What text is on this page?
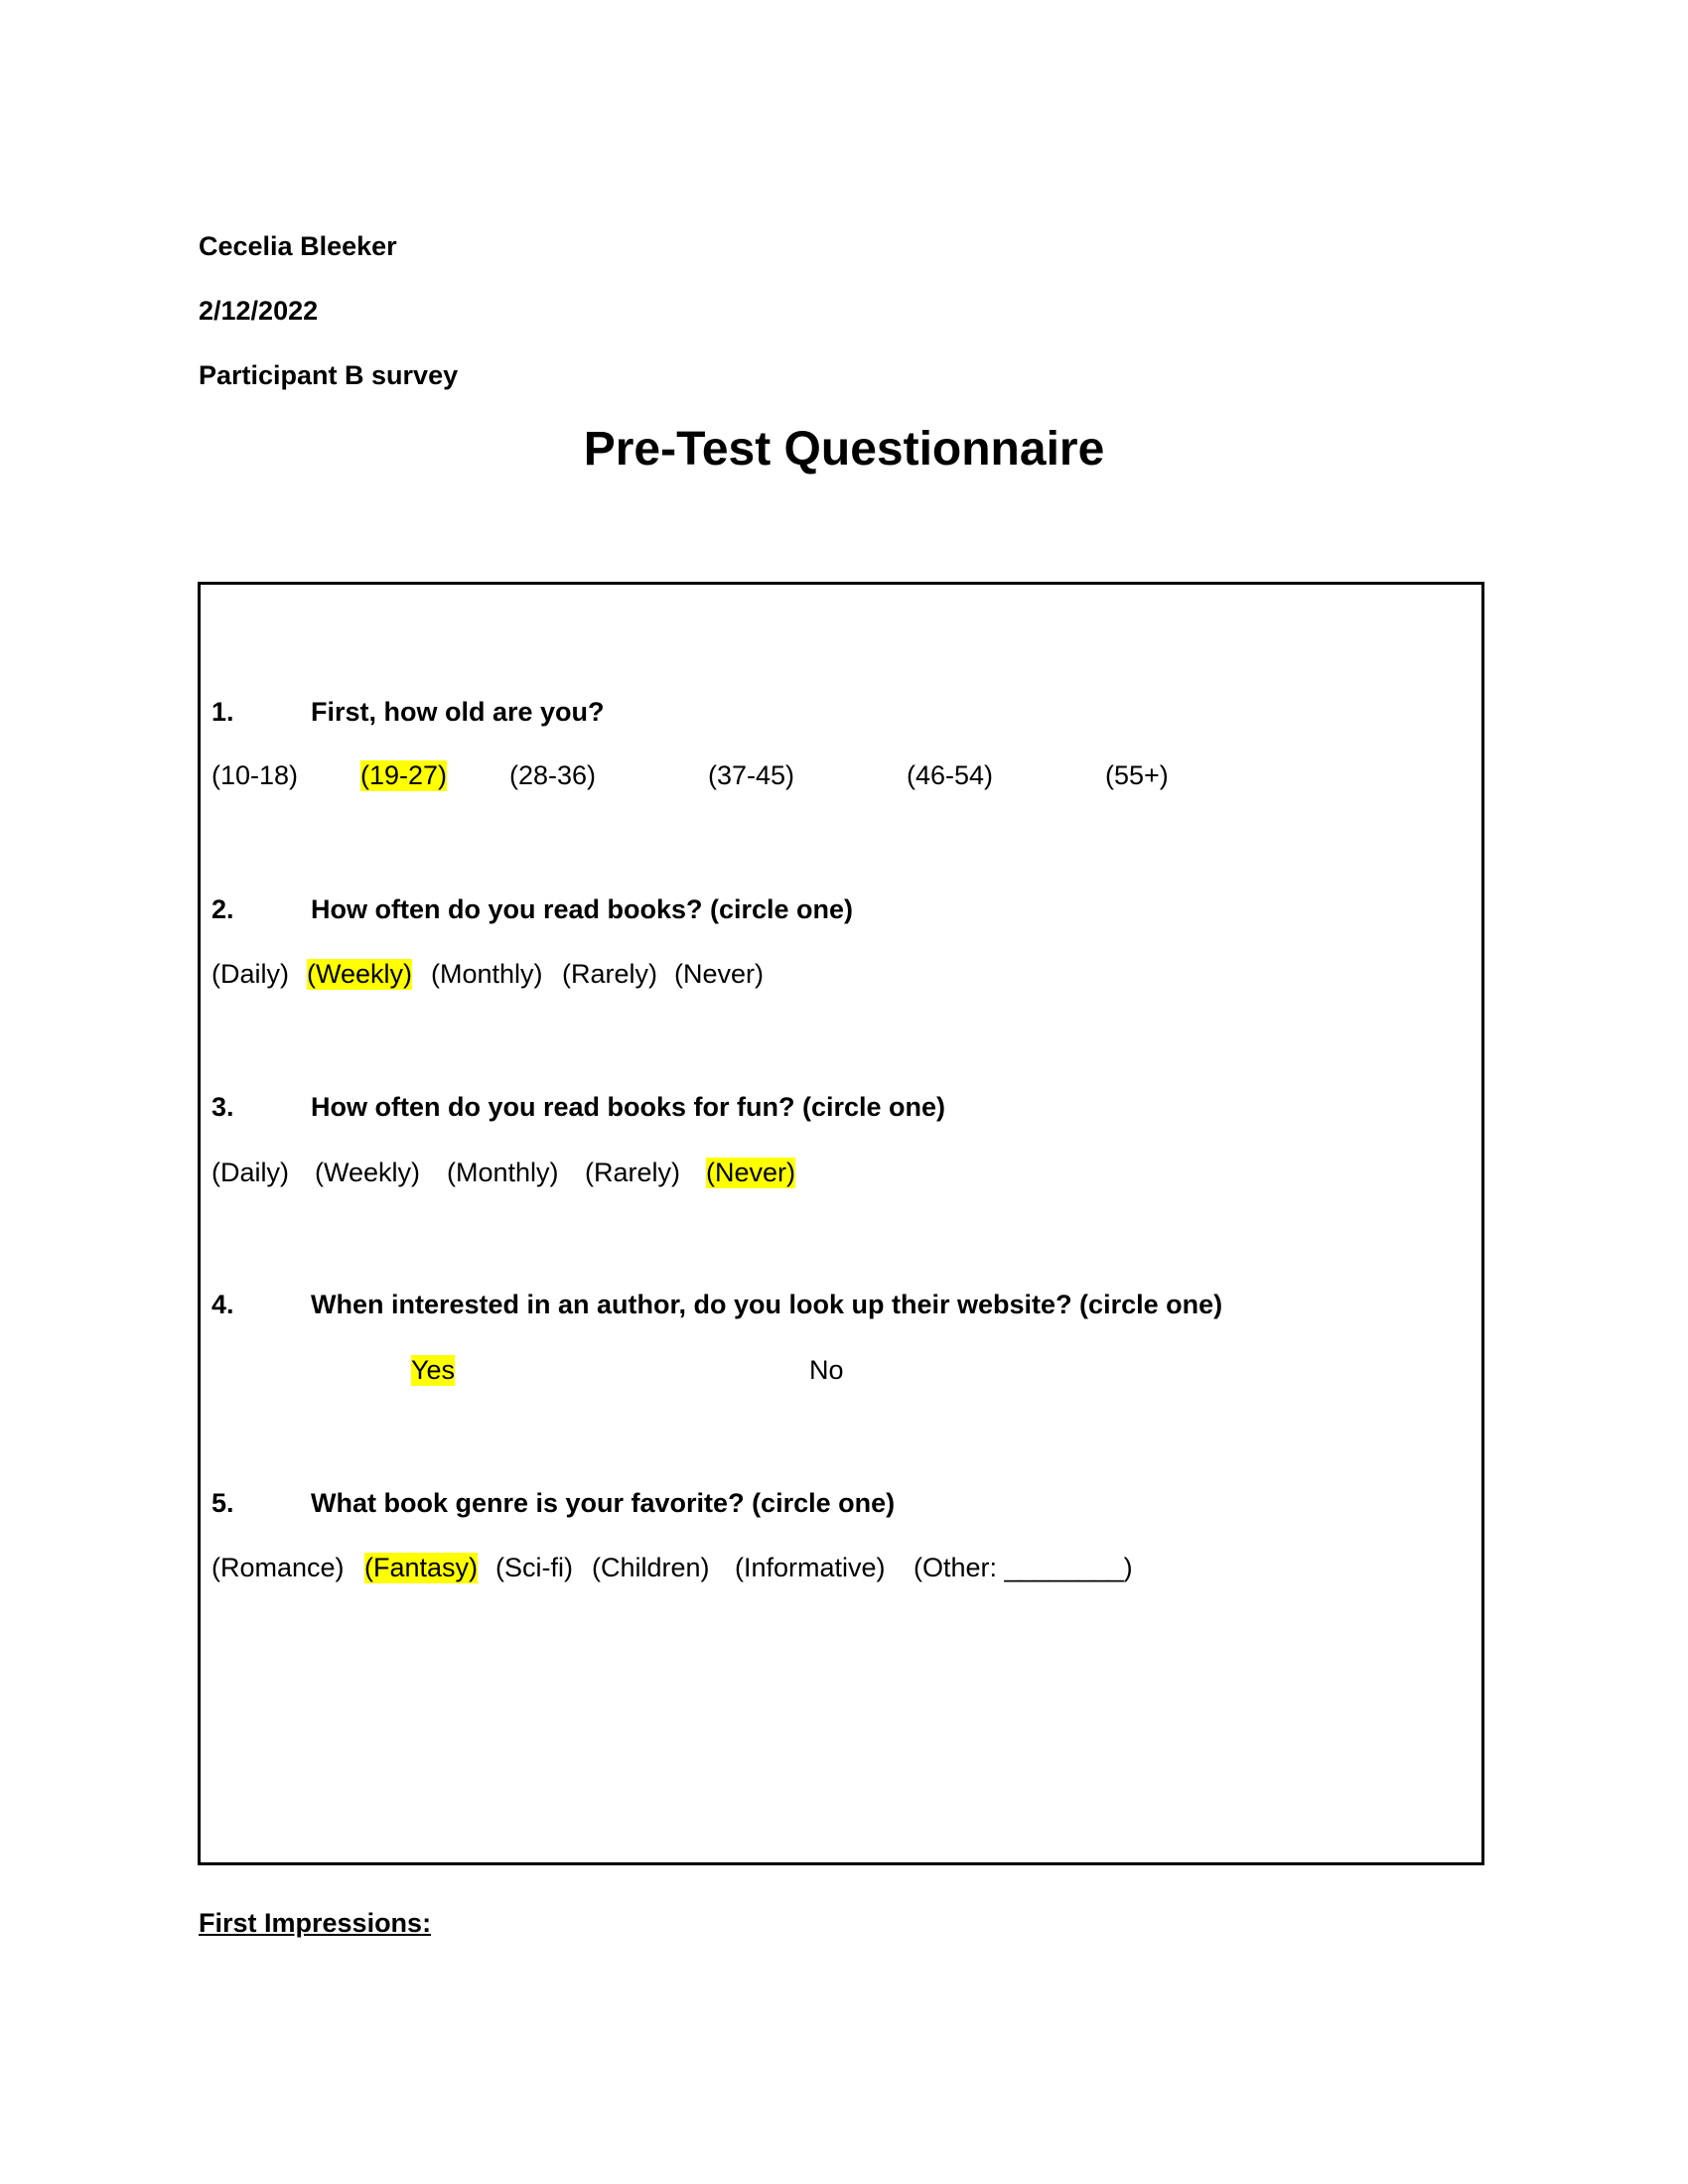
Cecelia Bleeker
2/12/2022
Participant B survey
Pre-Test Questionnaire
1.	First, how old are you?
(10-18) (19-27) (28-36)	(37-45)	(46-54)	(55+)
2.	How often do you read books? (circle one)
(Daily) (Weekly) (Monthly) (Rarely) (Never)
3.	How often do you read books for fun? (circle one)
(Daily) (Weekly) (Monthly) (Rarely) (Never)
4.	When interested in an author, do you look up their website? (circle one)
Yes	No
5.	What book genre is your favorite? (circle one)
(Romance) (Fantasy) (Sci-fi) (Children) (Informative) (Other: ________)
First Impressions:
